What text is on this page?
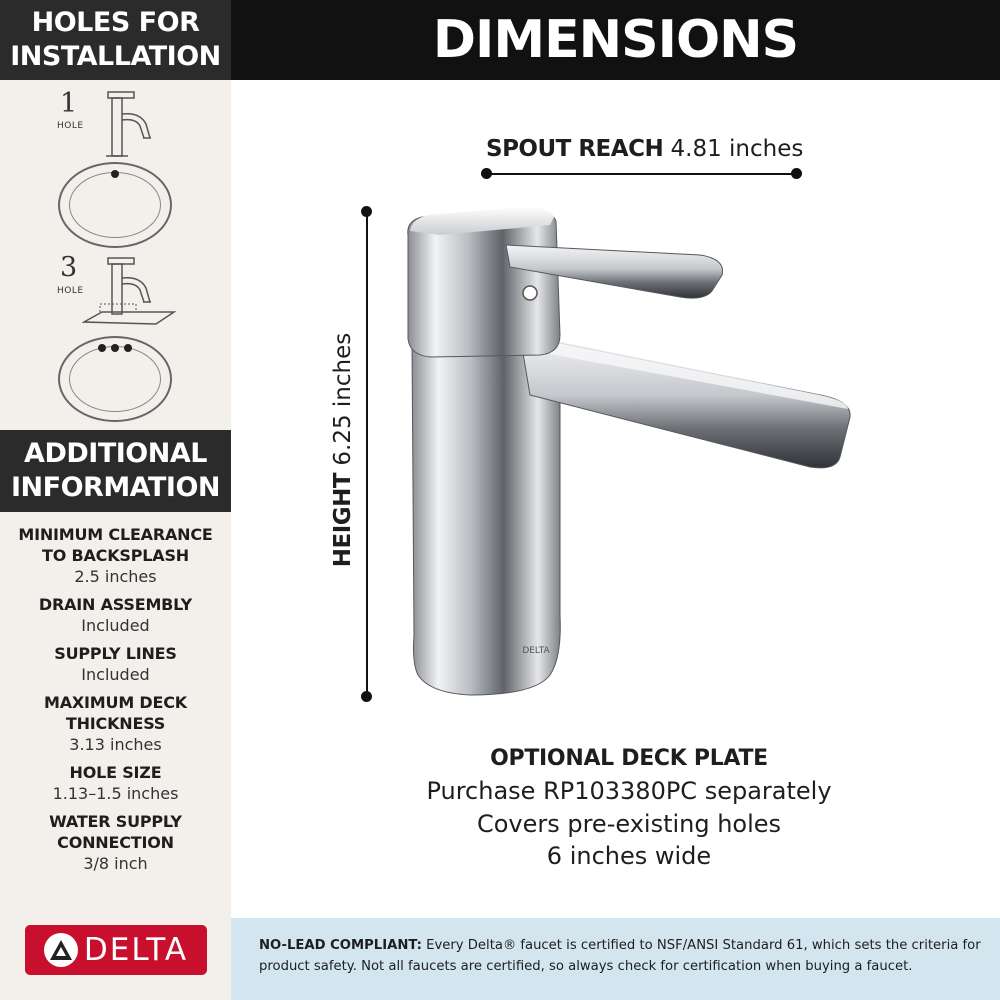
HOLES FOR
INSTALLATION
1
HOLE
3
HOLE
ADDITIONAL
INFORMATION
MINIMUM CLEARANCE
TO BACKSPLASH
2.5 inches
DRAIN ASSEMBLY
Included
SUPPLY LINES
Included
MAXIMUM DECK
THICKNESS
3.13 inches
HOLE SIZE
1.13–1.5 inches
WATER SUPPLY
CONNECTION
3/8 inch
DELTA
DIMENSIONS
SPOUT REACH 4.81 inches
HEIGHT 6.25 inches
DELTA
OPTIONAL DECK PLATE
Purchase RP103380PC separately
Covers pre-existing holes
6 inches wide
NO-LEAD COMPLIANT: Every Delta® faucet is certified to NSF/ANSI Standard 61, which sets the criteria for product safety. Not all faucets are certified, so always check for certification when buying a faucet.
